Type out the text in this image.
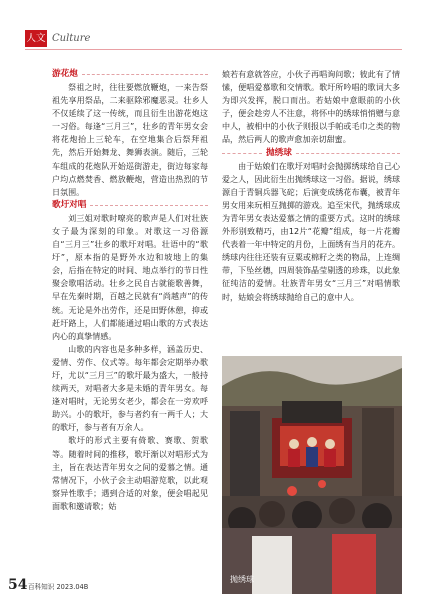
人文 Culture
游花炮
祭祖之时，往往要燃放鞭炮，一来告祭祖先享用祭品，二来驱除邪魔恶灵。壮乡人不仅延续了这一传统，而且衍生出游花炮这一习俗。每逢“三月三”，壮乡的青年男女会将花炮抬上三轮车，在空地集合后祭拜祖先，然后开始舞龙、舞狮表演。随后，三轮车组成的花炮队开始巡街游走，街边每家每户均点燃焚香、燃放鞭炮，营造出热烈的节日氛围。
歌圩对唱
刘三姐对歌时嘹亮的歌声是人们对壮族女子最为深刻的印象。对歌这一习俗源自“三月三”壮乡的歌圩对唱。壮语中的“歌圩”，原本指的是野外水边和坡地上的集会，后指在特定的时间、地点举行的节日性聚会歌唱活动。壮乡之民自古就能歌善舞，早在先秦时期，百越之民就有“尚越声”的传统。无论是外出劳作，还是田野休憩，抑或赶圩路上，人们都能通过唱山歌的方式表达内心的真挚情感。
山歌的内容也是多种多样，涵盖历史、爱情、劳作、仪式等。每年都会定期举办歌圩，尤以“三月三”的歌圩最为盛大，一般持续两天，对唱者大多是未婚的青年男女。每逢对唱时，无论男女老少，都会在一旁欢呼助兴。小的歌圩，参与者约有一两千人；大的歌圩，参与者有万余人。
歌圩的形式主要有倚歌、赛歌、贺歌等。随着时间的推移，歌圩渐以对唱形式为主，旨在表达青年男女之间的爱慕之情。通常情况下，小伙子会主动唱游览歌，以此观察异性歌手；遇到合适的对象，便会唱起见面歌和邀请歌；姑
娘若有意就答应，小伙子再唱询问歌；彼此有了情愫，便唱爱慕歌和交情歌。歌圩所吟唱的歌词大多为即兴发挥，脱口而出。若姑娘中意眼前的小伙子，便会趁旁人不注意，将怀中的绣球悄悄赠与意中人，被相中的小伙子则报以手帕或毛巾之类的物品，然后两人的歌声愈加亲切甜蜜。
抛绣球
由于姑娘们在歌圩对唱时会抛掷绣球给自己心爱之人，因此衍生出抛绣球这一习俗。据说，绣球源自于青铜兵器飞砣；后演变成绣花布囊，被青年男女用来玩相互抛掷的游戏。追至宋代，抛绣球成为青年男女表达爱慕之情的重要方式。这时的绣球外形别致精巧，由12片“花瓣”组成，每一片花瓣代表着一年中特定的月份，上面绣有当月的花卉。绣球内往往还装有豆粟或棉籽之类的物品，上连绸带，下坠丝穗，四周装饰晶莹剔透的珍珠，以此象征纯洁的爱情。壮族青年男女“三月三”对唱情歌时，姑娘会将绣球抛给自己的意中人。
抛绣球
54 百科知识 2023.04B
